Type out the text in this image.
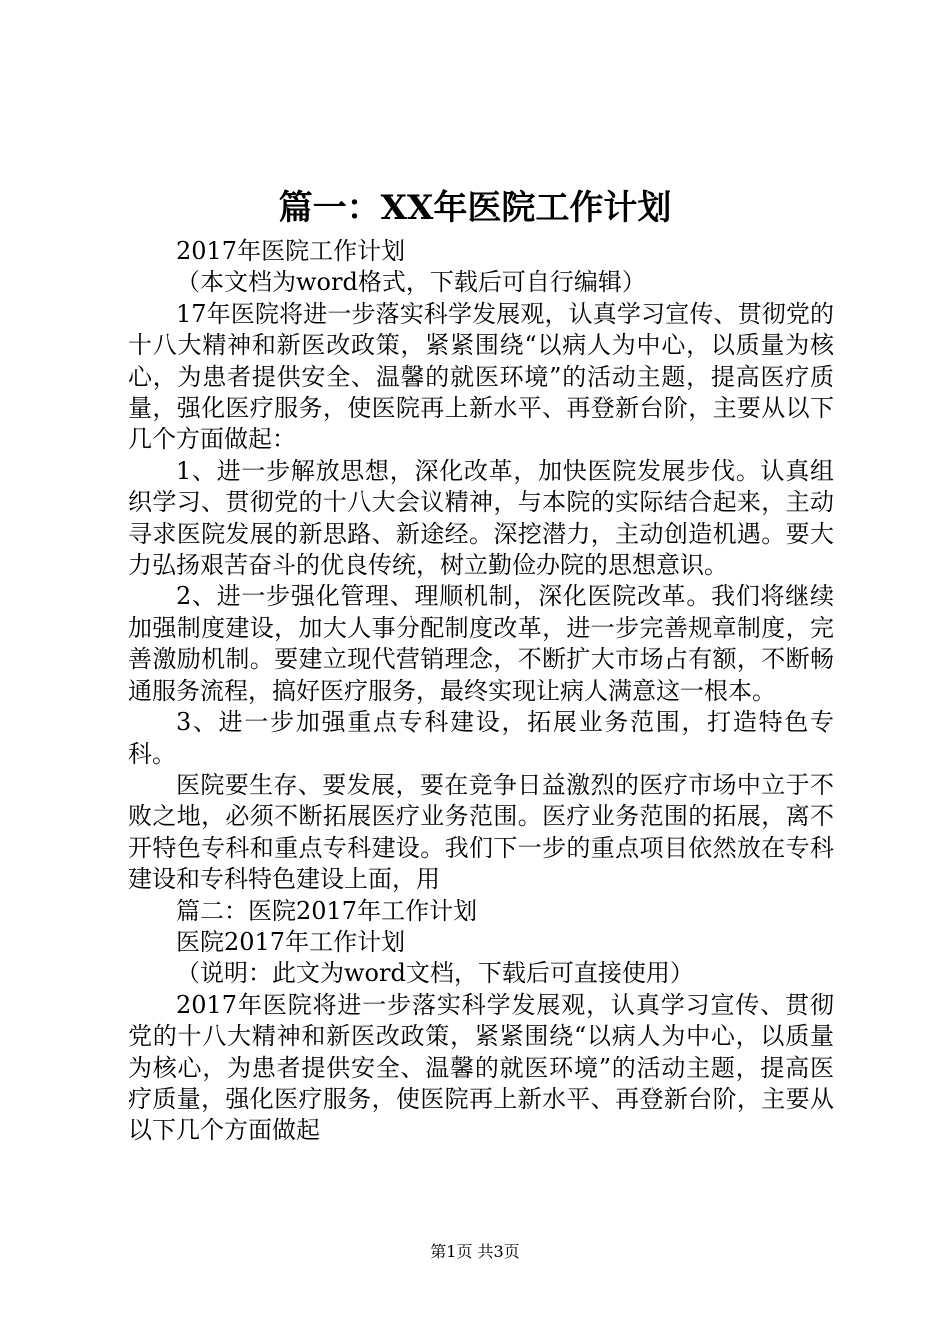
篇一：XX年医院工作计划

2017年医院工作计划

（本文档为word格式，下载后可自行编辑）

17年医院将进一步落实科学发展观，认真学习宣传、贯彻党的十八大精神和新医改政策，紧紧围绕“以病人为中心，以质量为核心，为患者提供安全、温馨的就医环境”的活动主题，提高医疗质量，强化医疗服务，使医院再上新水平、再登新台阶，主要从以下几个方面做起：

1、进一步解放思想，深化改革，加快医院发展步伐。认真组织学习、贯彻党的十八大会议精神，与本院的实际结合起来，主动寻求医院发展的新思路、新途经。深挖潜力，主动创造机遇。要大力弘扬艰苦奋斗的优良传统，树立勤俭办院的思想意识。

2、进一步强化管理、理顺机制，深化医院改革。我们将继续加强制度建设，加大人事分配制度改革，进一步完善规章制度，完善激励机制。要建立现代营销理念，不断扩大市场占有额，不断畅通服务流程，搞好医疗服务，最终实现让病人满意这一根本。

3、进一步加强重点专科建设，拓展业务范围，打造特色专科。

医院要生存、要发展，要在竞争日益激烈的医疗市场中立于不败之地，必须不断拓展医疗业务范围。医疗业务范围的拓展，离不开特色专科和重点专科建设。我们下一步的重点项目依然放在专科建设和专科特色建设上面，用

篇二：医院2017年工作计划

医院2017年工作计划

（说明：此文为word文档，下载后可直接使用）

2017年医院将进一步落实科学发展观，认真学习宣传、贯彻党的十八大精神和新医改政策，紧紧围绕“以病人为中心，以质量为核心，为患者提供安全、温馨的就医环境”的活动主题，提高医疗质量，强化医疗服务，使医院再上新水平、再登新台阶，主要从以下几个方面做起

第1页 共3页
